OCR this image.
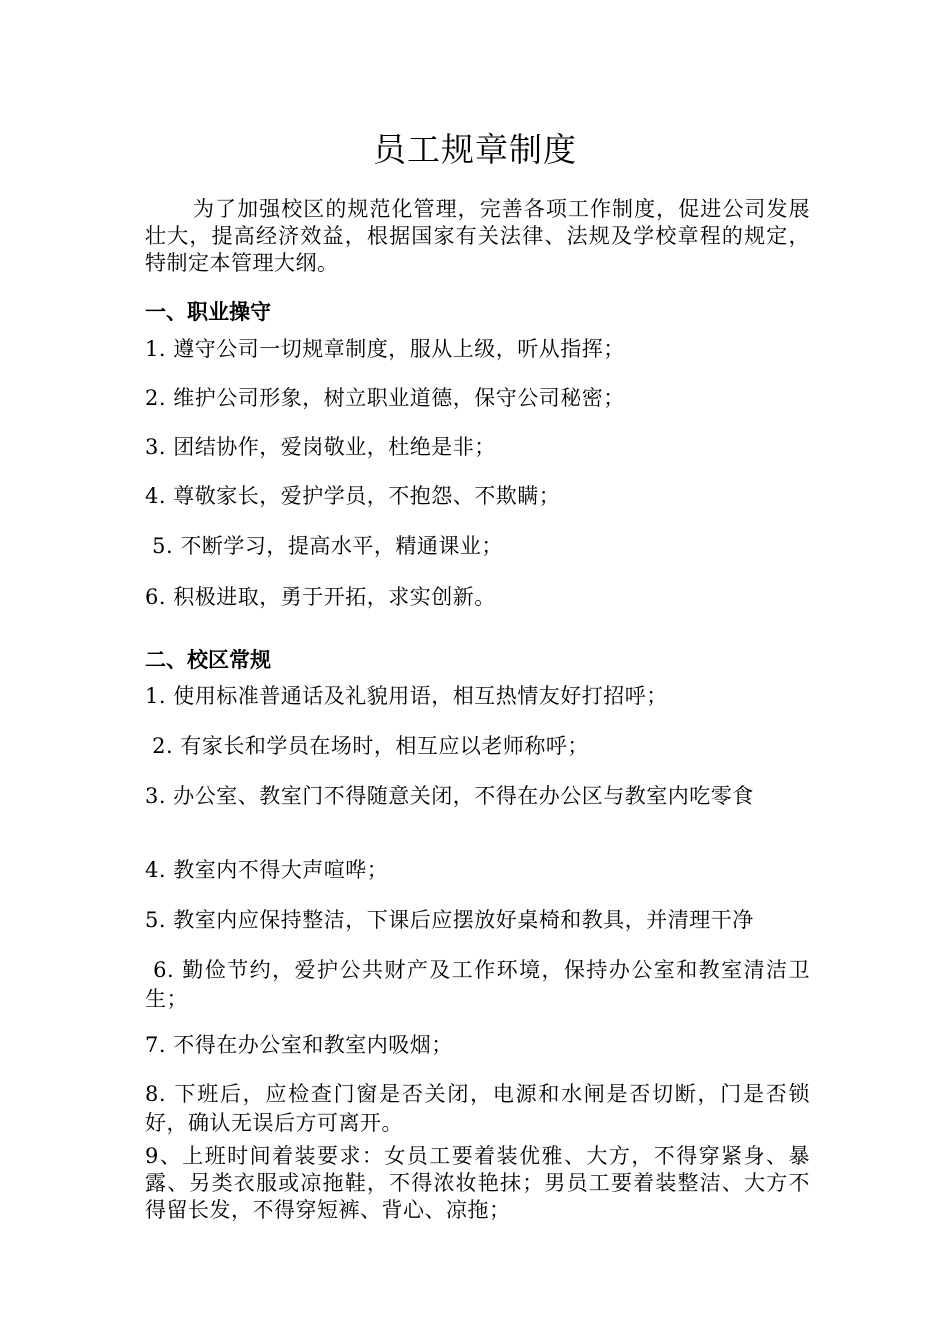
员工规章制度
为了加强校区的规范化管理，完善各项工作制度，促进公司发展壮大，提高经济效益，根据国家有关法律、法规及学校章程的规定，特制定本管理大纲。
一、职业操守
1. 遵守公司一切规章制度，服从上级，听从指挥；
2. 维护公司形象，树立职业道德，保守公司秘密；
3. 团结协作，爱岗敬业，杜绝是非；
4. 尊敬家长，爱护学员，不抱怨、不欺瞒；
5. 不断学习，提高水平，精通课业；
6. 积极进取，勇于开拓，求实创新。
二、校区常规
1. 使用标准普通话及礼貌用语，相互热情友好打招呼；
2. 有家长和学员在场时，相互应以老师称呼；
3. 办公室、教室门不得随意关闭，不得在办公区与教室内吃零食
4. 教室内不得大声喧哗；
5. 教室内应保持整洁，下课后应摆放好桌椅和教具，并清理干净
6. 勤俭节约，爱护公共财产及工作环境，保持办公室和教室清洁卫生；
7. 不得在办公室和教室内吸烟；
8. 下班后，应检查门窗是否关闭，电源和水闸是否切断，门是否锁好，确认无误后方可离开。
9、上班时间着装要求：女员工要着装优雅、大方，不得穿紧身、暴露、另类衣服或凉拖鞋，不得浓妆艳抹；男员工要着装整洁、大方不得留长发，不得穿短裤、背心、凉拖；
